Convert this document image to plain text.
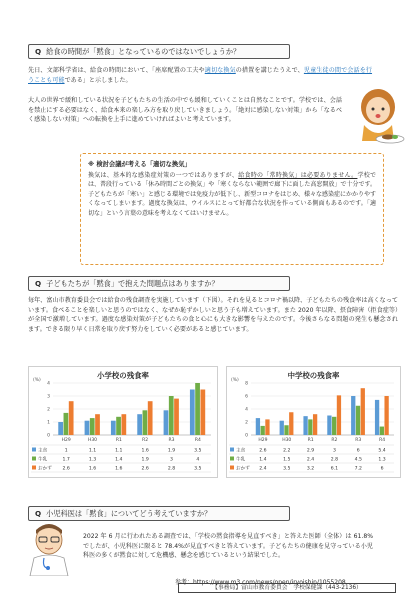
Q 給食の時間が「黙食」となっているのではないでしょうか？
先日、文部科学省は、給食の時間において、「座席配置の工夫や適切な換気の措置を講じたうえで、児童生徒の間で会話を行うことも可能である」と示しました。
大人の世界で緩和している状況を子どもたちの生活の中でも緩和していくことは自然なことです。学校では、会話を禁止にする必要はなく、給食本来の楽しみ方を取り戻していきましょう。「絶対に感染しない対策」から「なるべく感染しない対策」への転換を上手に進めていければよいと考えています。
※ 検討会議が考える「適切な換気」
換気は、基本的な感染症対策の一つではありますが、給食時の「常時換気」は必要ありません。学校では、普段行っている「休み時間ごとの換気」や「寒くならない範囲で廊下に面した高窓開放」で十分です。子どもたちが「寒い」と感じる環境では免疫力が低下し、新型コロナをはじめ、様々な感染症にかかりやすくなってしまいます。過度な換気は、ウイルスにとって好都合な状況を作っている側面もあるのです。「適切な」という言葉の意味を考えなくてはいけません。
Q 子どもたちが「黙食」で抱えた問題点はありますか？
毎年、富山市教育委員会では給食の残食調査を実施しています（下図）。それを見るとコロナ禍以降、子どもたちの残食率は高くなっています。食べることを楽しいと思うのではなく、なぜか恥ずかしいと思う子も増えています。また 2020 年以降、摂食障害（拒食症等）が全国で激増しています。過度な感染対策が子どもたちの食と心にも大きな影響を与えたのです。今後さらなる問題の発生も懸念されます。できる限り早く日常を取り戻す努力をしていく必要があると感じています。
小学校の残食率
(%)
0
1
2
3
4
H29	H30	R1	R2	R3	R4
主食	1	1.1	1.1	1.6	1.9	3.5
牛乳	1.7	1.3	1.4	1.9	3	4
おかず 2.6	1.6	1.6	2.6	2.8	3.5
中学校の残食率
(%)
0
2
4
6
8
H29	H30	R1	R2	R3	R4
主食	2.6	2.2	2.9	3	6	5.4
牛乳	1.4	1.5	2.4	2.8	4.5	1.3
おかず 2.4	3.5	3.2	6.1	7.2	6
Q 小児科医は「黙食」についてどう考えていますか？
2022 年 6 月に行われたある調査では、「学校の黙食指導を見直すべき」と答えた医師（全体）は 61.8%でしたが、小児科医に限ると 78.4%が見直すべきと答えています。子どもたちの健康を見守っている小児科医の多くが黙食に対して危機感、懸念を感じているという結果でした。
参考：https://www.m3.com/news/open/iryoishin/1055208
【事務局】富山市教育委員会　学校保健課（443-2136）
